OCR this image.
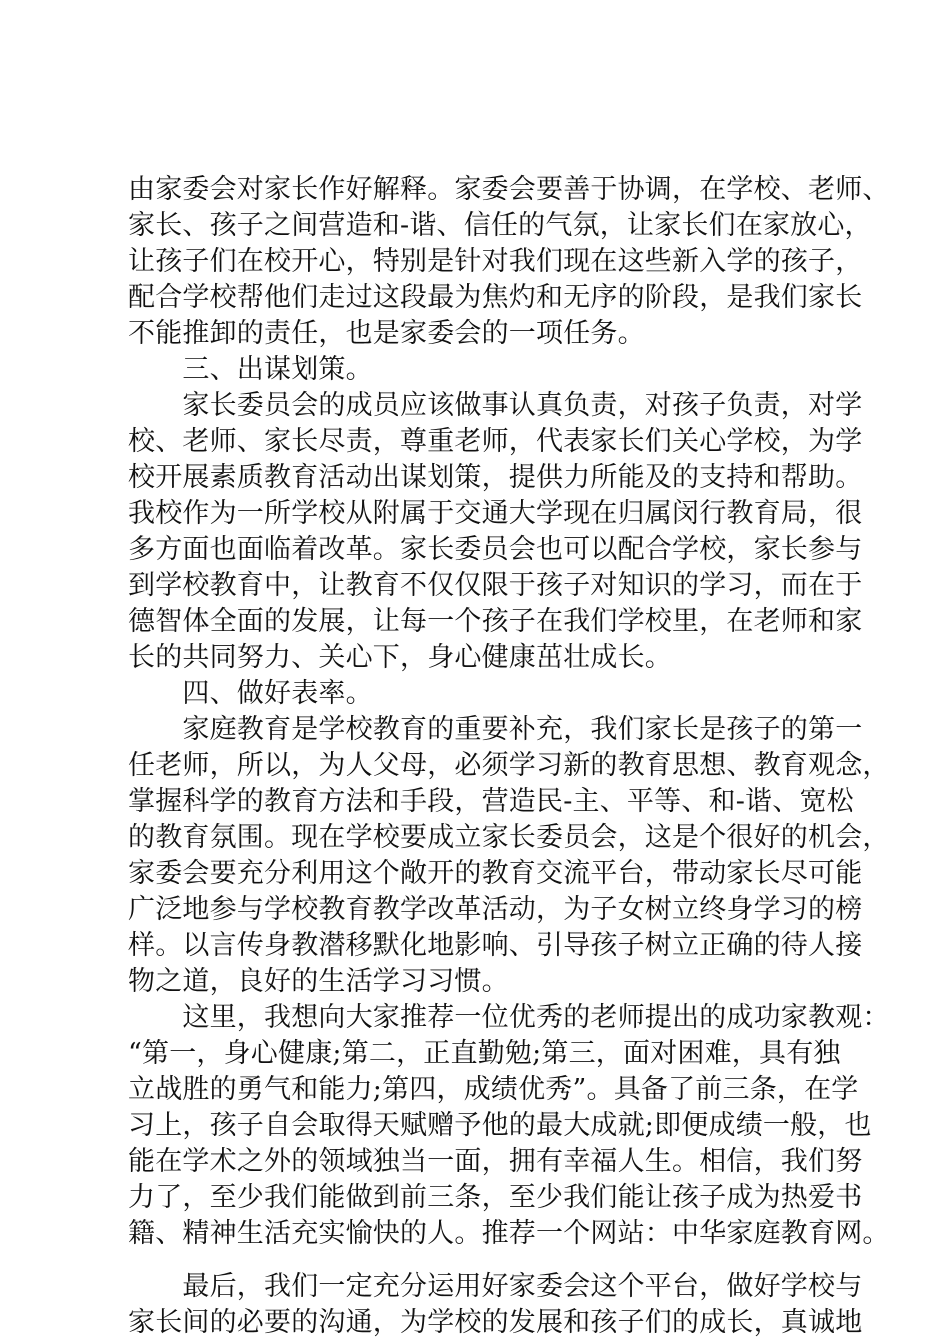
由家委会对家长作好解释。家委会要善于协调，在学校、老师、
家长、孩子之间营造和-谐、信任的气氛，让家长们在家放心，
让孩子们在校开心，特别是针对我们现在这些新入学的孩子，
配合学校帮他们走过这段最为焦灼和无序的阶段，是我们家长
不能推卸的责任，也是家委会的一项任务。
　　三、出谋划策。
　　家长委员会的成员应该做事认真负责，对孩子负责，对学
校、老师、家长尽责，尊重老师，代表家长们关心学校，为学
校开展素质教育活动出谋划策，提供力所能及的支持和帮助。
我校作为一所学校从附属于交通大学现在归属闵行教育局，很
多方面也面临着改革。家长委员会也可以配合学校，家长参与
到学校教育中，让教育不仅仅限于孩子对知识的学习，而在于
德智体全面的发展，让每一个孩子在我们学校里，在老师和家
长的共同努力、关心下，身心健康茁壮成长。
　　四、做好表率。
　　家庭教育是学校教育的重要补充，我们家长是孩子的第一
任老师，所以，为人父母，必须学习新的教育思想、教育观念，
掌握科学的教育方法和手段，营造民-主、平等、和-谐、宽松
的教育氛围。现在学校要成立家长委员会，这是个很好的机会，
家委会要充分利用这个敞开的教育交流平台，带动家长尽可能
广泛地参与学校教育教学改革活动，为子女树立终身学习的榜
样。以言传身教潜移默化地影响、引导孩子树立正确的待人接
物之道，良好的生活学习习惯。
　　这里，我想向大家推荐一位优秀的老师提出的成功家教观：
“第一，身心健康;第二，正直勤勉;第三，面对困难，具有独
立战胜的勇气和能力;第四，成绩优秀”。具备了前三条，在学
习上，孩子自会取得天赋赠予他的最大成就;即便成绩一般，也
能在学术之外的领域独当一面，拥有幸福人生。相信，我们努
力了，至少我们能做到前三条，至少我们能让孩子成为热爱书
籍、精神生活充实愉快的人。推荐一个网站：中华家庭教育网。
　　最后，我们一定充分运用好家委会这个平台，做好学校与
家长间的必要的沟通，为学校的发展和孩子们的成长，真诚地
